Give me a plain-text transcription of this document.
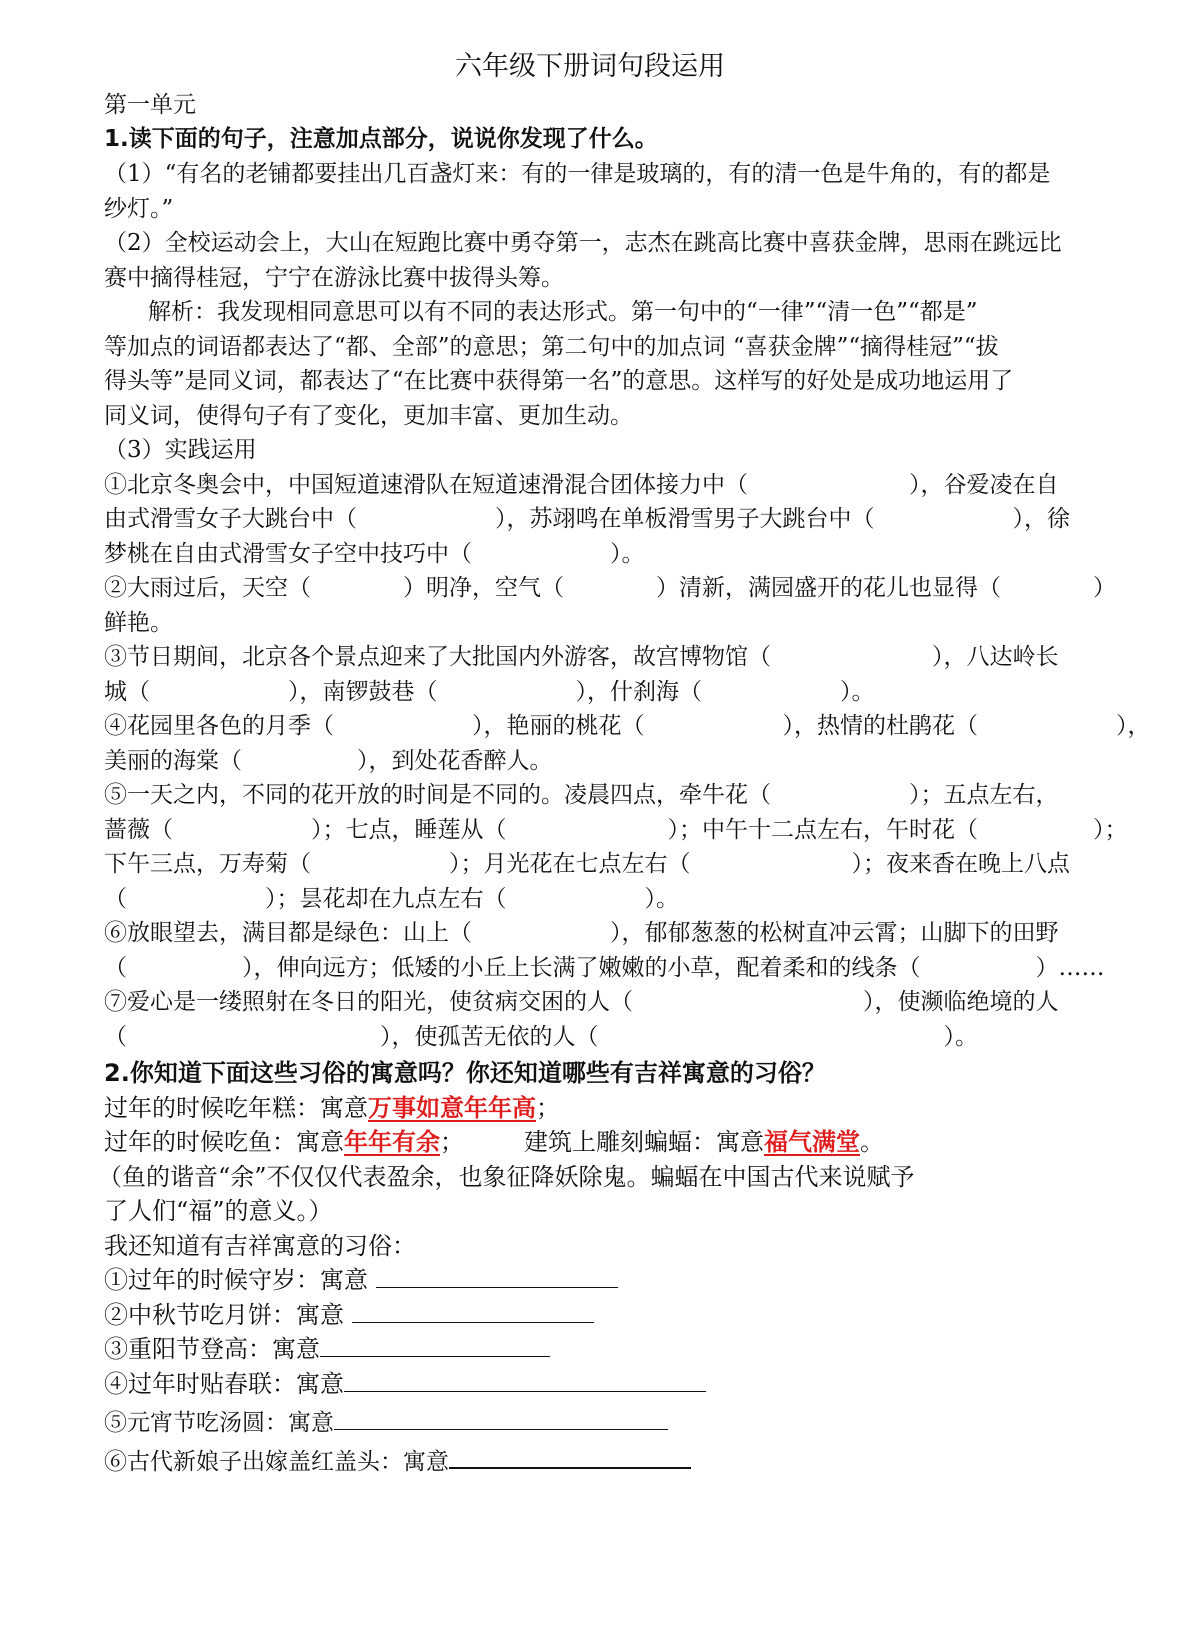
六年级下册词句段运用
第一单元
1.读下面的句子，注意加点部分，说说你发现了什么。
（1）“有名的老铺都要挂出几百盏灯来：有的一律是玻璃的，有的清一色是牛角的，有的都是
纱灯。”
（2）全校运动会上，大山在短跑比赛中勇夺第一，志杰在跳高比赛中喜获金牌，思雨在跳远比
赛中摘得桂冠，宁宁在游泳比赛中拔得头筹。
解析：我发现相同意思可以有不同的表达形式。第一句中的“一律”“清一色”“都是”
等加点的词语都表达了“都、全部”的意思；第二句中的加点词 “喜获金牌”“摘得桂冠”“拔
得头等”是同义词，都表达了“在比赛中获得第一名”的意思。这样写的好处是成功地运用了
同义词，使得句子有了变化，更加丰富、更加生动。
（3）实践运用
①北京冬奥会中，中国短道速滑队在短道速滑混合团体接力中（　　　　　　　），谷爱凌在自
由式滑雪女子大跳台中（　　　　　　），苏翊鸣在单板滑雪男子大跳台中（　　　　　　），徐
梦桃在自由式滑雪女子空中技巧中（　　　　　　）。
②大雨过后，天空（　　　　）明净，空气（　　　　）清新，满园盛开的花儿也显得（　　　　）
鲜艳。
③节日期间，北京各个景点迎来了大批国内外游客，故宫博物馆（　　　　　　　），八达岭长
城（　　　　　　），南锣鼓巷（　　　　　　），什刹海（　　　　　　）。
④花园里各色的月季（　　　　　　），艳丽的桃花（　　　　　　），热情的杜鹃花（　　　　　　），
美丽的海棠（　　　　　），到处花香醉人。
⑤一天之内，不同的花开放的时间是不同的。凌晨四点，牵牛花（　　　　　　）；五点左右，
蔷薇（　　　　　　）；七点，睡莲从（　　　　　　　）；中午十二点左右，午时花（　　　　　）；
下午三点，万寿菊（　　　　　　）；月光花在七点左右（　　　　　　　）；夜来香在晚上八点
（　　　　　　）；昙花却在九点左右（　　　　　　）。
⑥放眼望去，满目都是绿色：山上（　　　　　　），郁郁葱葱的松树直冲云霄；山脚下的田野
（　　　　　），伸向远方；低矮的小丘上长满了嫩嫩的小草，配着柔和的线条（　　　　　）……
⑦爱心是一缕照射在冬日的阳光，使贫病交困的人（　　　　　　　　　　），使濒临绝境的人
（　　　　　　　　　　　），使孤苦无依的人（　　　　　　　　　　　　　　　）。
2.你知道下面这些习俗的寓意吗？你还知道哪些有吉祥寓意的习俗？
过年的时候吃年糕：寓意万事如意年年高；
过年的时候吃鱼：寓意年年有余；　　　建筑上雕刻蝙蝠：寓意福气满堂。
（鱼的谐音“余”不仅仅代表盈余，也象征降妖除鬼。蝙蝠在中国古代来说赋予
了人们“福”的意义。）
我还知道有吉祥寓意的习俗：
①过年的时候守岁：寓意
②中秋节吃月饼：寓意
③重阳节登高：寓意
④过年时贴春联：寓意
⑤元宵节吃汤圆：寓意
⑥古代新娘子出嫁盖红盖头：寓意
